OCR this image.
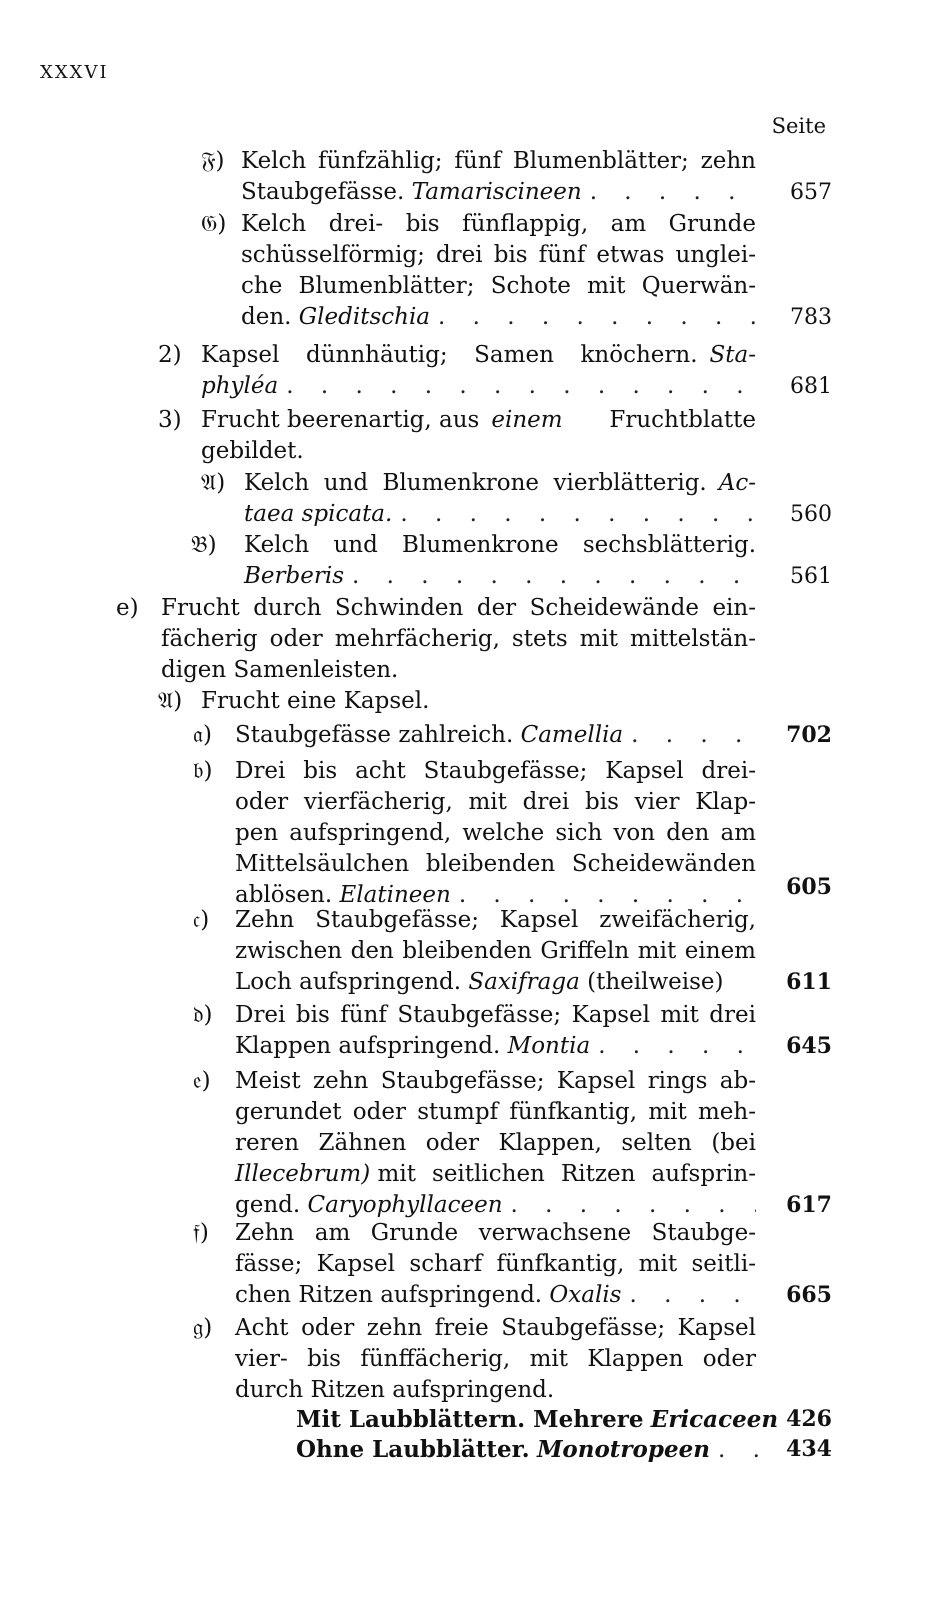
XXXVI
Seite
𝔉) Kelch fünfzählig; fünf Blumenblätter; zehn
Staubgefässe.
Tamariscineen . . .	657
𝔊) Kelch drei- bis fünflappig, am Grunde
schüsselförmig; drei bis fünf etwas unglei-
che Blumenblätter; Schote mit Querwän-
den.
Gleditschia . . .	783
2) Kapsel dünnhäutig; Samen knöchern. Sta-
phyléa . . .	681
3) Frucht beerenartig, aus einem Fruchtblatte
gebildet.
𝔄) Kelch und Blumenkrone vierblätterig. Ac-
taea spicata. . . .	560
𝔅)	Kelch und Blumenkrone sechsblätterig.
Berberis . . .	561
e) Frucht durch Schwinden der Scheidewände ein-
fächerig oder mehrfächerig, stets mit mittelstän-
digen Samenleisten.
𝔄) Frucht eine Kapsel.
𝔞)	Staubgefässe zahlreich.
Camellia . . .	702
𝔟) Drei bis acht Staubgefässe; Kapsel drei-
oder vierfächerig, mit drei bis vier Klap-
pen aufspringend, welche sich von den am
Mittelsäulchen bleibenden Scheidewänden
ablösen.
Elatineen . . .	605
𝔠)	Zehn Staubgefässe; Kapsel zweifächerig,
zwischen den bleibenden Griffeln mit einem
Loch aufspringend.
Saxifraga
(theilweise)	611
𝔡) Drei bis fünf Staubgefässe; Kapsel mit drei
Klappen aufspringend.
Montia . . .	645
𝔢)	Meist zehn Staubgefässe; Kapsel rings ab-
gerundet oder stumpf fünfkantig, mit meh-
reren Zähnen oder Klappen, selten (bei
Illecebrum)
mit seitlichen Ritzen aufsprin-
gend.
Caryophyllaceen . . .	617
𝔣)	Zehn am Grunde verwachsene Staubge-
fässe; Kapsel scharf fünfkantig, mit seitli-
chen Ritzen aufspringend.
Oxalis . . .	665
𝔤) Acht oder zehn freie Staubgefässe; Kapsel
vier- bis fünffächerig, mit Klappen oder
durch Ritzen aufspringend.
Mit Laubblättern. Mehrere
Ericaceen . . . 426
Ohne Laubblätter.
Monotropeen . . .	434
